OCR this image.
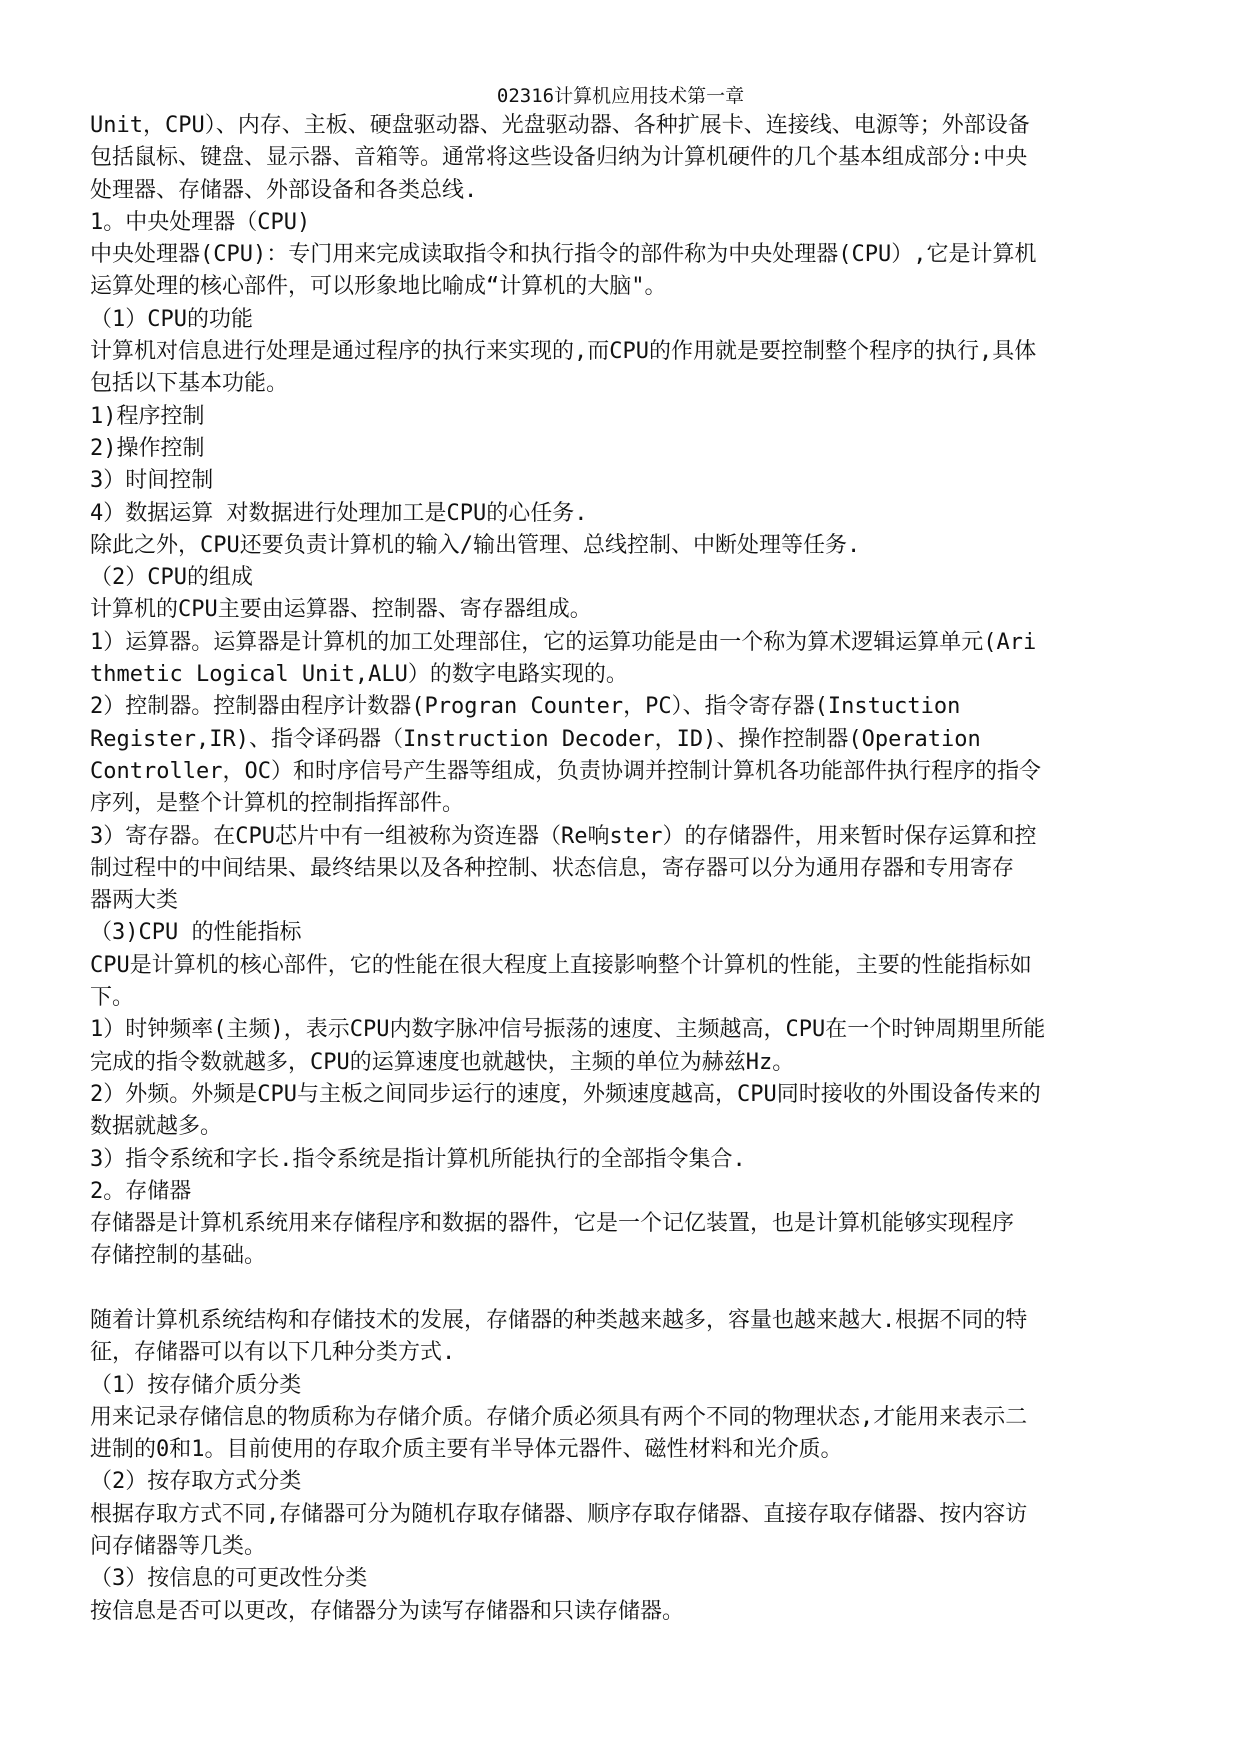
02316计算机应用技术第一章
Unit，CPU）、内存、主板、硬盘驱动器、光盘驱动器、各种扩展卡、连接线、电源等；外部设备
包括鼠标、键盘、显示器、音箱等。通常将这些设备归纳为计算机硬件的几个基本组成部分:中央
处理器、存储器、外部设备和各类总线.
1。中央处理器（CPU)
中央处理器(CPU)：专门用来完成读取指令和执行指令的部件称为中央处理器(CPU）,它是计算机
运算处理的核心部件，可以形象地比喻成“计算机的大脑"。
（1）CPU的功能
计算机对信息进行处理是通过程序的执行来实现的,而CPU的作用就是要控制整个程序的执行,具体
包括以下基本功能。
1)程序控制
2)操作控制
3）时间控制
4）数据运算 对数据进行处理加工是CPU的心任务.
除此之外，CPU还要负责计算机的输入/输出管理、总线控制、中断处理等任务.
（2）CPU的组成
计算机的CPU主要由运算器、控制器、寄存器组成。
1）运算器。运算器是计算机的加工处理部住，它的运算功能是由一个称为算术逻辑运算单元(Ari
thmetic Logical Unit,ALU）的数字电路实现的。
2）控制器。控制器由程序计数器(Progran Counter，PC）、指令寄存器(Instuction
Register,IR)、指令译码器（Instruction Decoder，ID)、操作控制器(Operation
Controller，OC）和时序信号产生器等组成，负责协调并控制计算机各功能部件执行程序的指令
序列，是整个计算机的控制指挥部件。
3）寄存器。在CPU芯片中有一组被称为资连器（Re响ster）的存储器件，用来暂时保存运算和控
制过程中的中间结果、最终结果以及各种控制、状态信息，寄存器可以分为通用存器和专用寄存
器两大类
（3)CPU 的性能指标
CPU是计算机的核心部件，它的性能在很大程度上直接影响整个计算机的性能，主要的性能指标如
下。
1）时钟频率(主频)，表示CPU内数字脉冲信号振荡的速度、主频越高，CPU在一个时钟周期里所能
完成的指令数就越多，CPU的运算速度也就越快，主频的单位为赫兹Hz。
2）外频。外频是CPU与主板之间同步运行的速度，外频速度越高，CPU同时接收的外围设备传来的
数据就越多。
3）指令系统和字长.指令系统是指计算机所能执行的全部指令集合.
2。存储器
存储器是计算机系统用来存储程序和数据的器件，它是一个记亿装置，也是计算机能够实现程序
存储控制的基础。
随着计算机系统结构和存储技术的发展，存储器的种类越来越多，容量也越来越大.根据不同的特
征，存储器可以有以下几种分类方式.
（1）按存储介质分类
用来记录存储信息的物质称为存储介质。存储介质必须具有两个不同的物理状态,才能用来表示二
进制的0和1。目前使用的存取介质主要有半导体元器件、磁性材料和光介质。
（2）按存取方式分类
根据存取方式不同,存储器可分为随机存取存储器、顺序存取存储器、直接存取存储器、按内容访
问存储器等几类。
（3）按信息的可更改性分类
按信息是否可以更改，存储器分为读写存储器和只读存储器。
